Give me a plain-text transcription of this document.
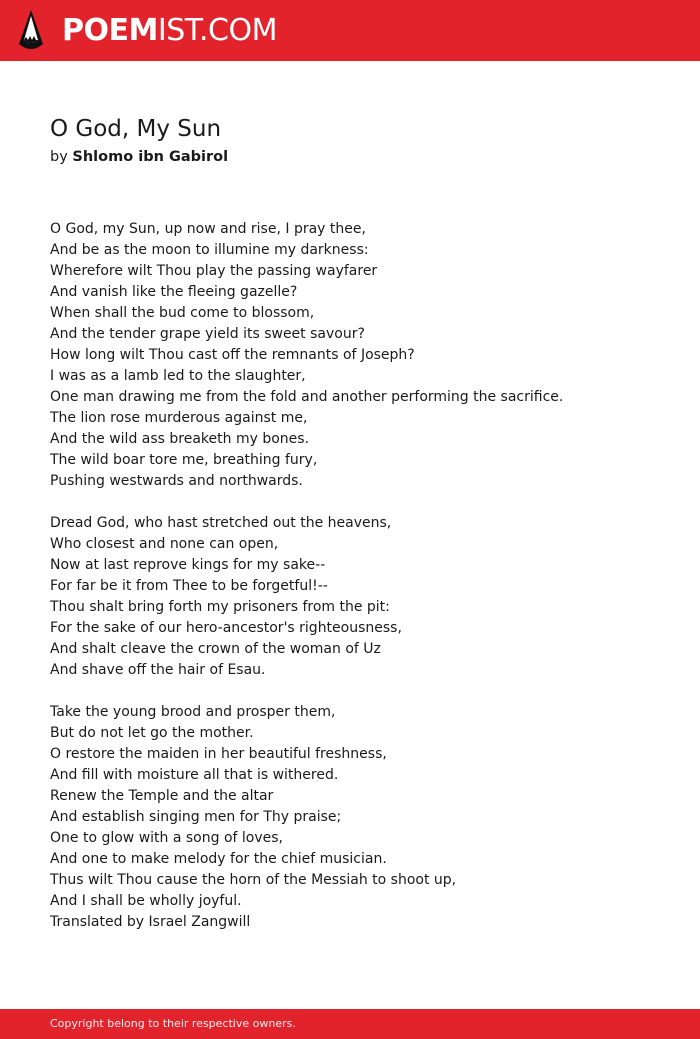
POEM IST.COM
O God, My Sun
by Shlomo ibn Gabirol
O God, my Sun, up now and rise, I pray thee,
And be as the moon to illumine my darkness:
Wherefore wilt Thou play the passing wayfarer
And vanish like the fleeing gazelle?
When shall the bud come to blossom,
And the tender grape yield its sweet savour?
How long wilt Thou cast off the remnants of Joseph?
I was as a lamb led to the slaughter,
One man drawing me from the fold and another performing the sacrifice.
The lion rose murderous against me,
And the wild ass breaketh my bones.
The wild boar tore me, breathing fury,
Pushing westwards and northwards.
Dread God, who hast stretched out the heavens,
Who closest and none can open,
Now at last reprove kings for my sake--
For far be it from Thee to be forgetful!--
Thou shalt bring forth my prisoners from the pit:
For the sake of our hero-ancestor's righteousness,
And shalt cleave the crown of the woman of Uz
And shave off the hair of Esau.
Take the young brood and prosper them,
But do not let go the mother.
O restore the maiden in her beautiful freshness,
And fill with moisture all that is withered.
Renew the Temple and the altar
And establish singing men for Thy praise;
One to glow with a song of loves,
And one to make melody for the chief musician.
Thus wilt Thou cause the horn of the Messiah to shoot up,
And I shall be wholly joyful.
Translated by Israel Zangwill
Copyright belong to their respective owners.
